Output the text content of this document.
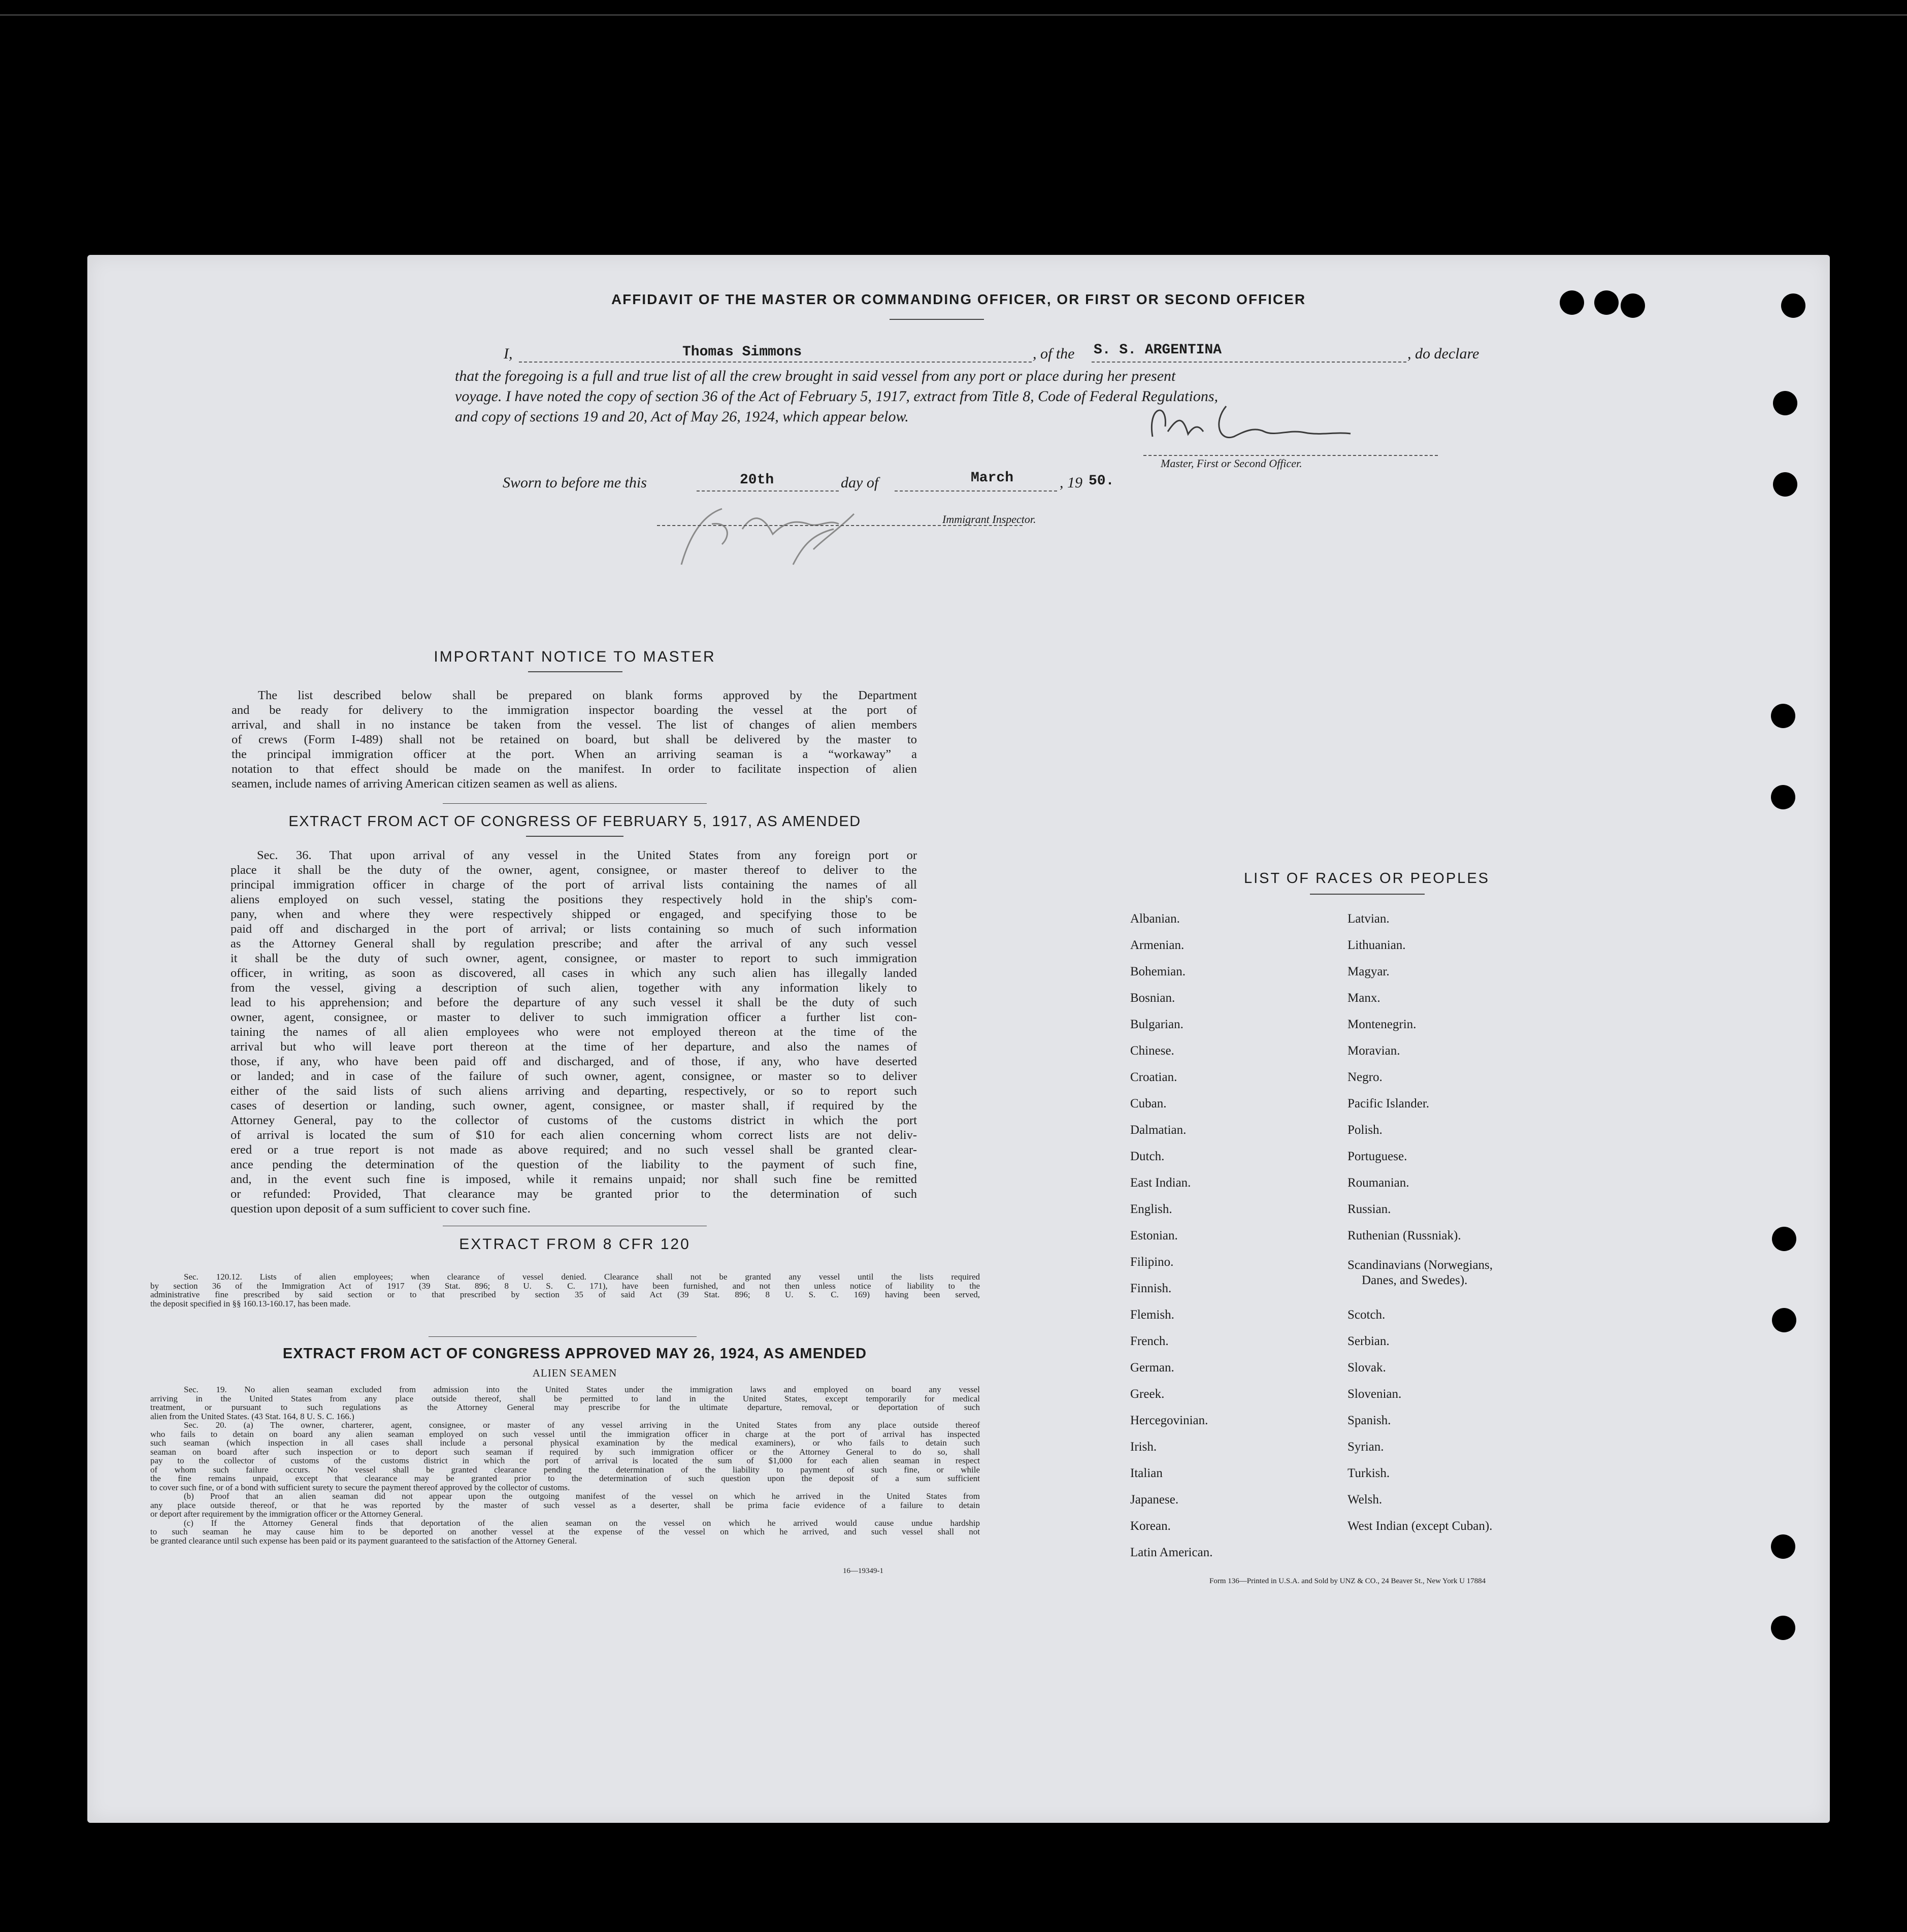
AFFIDAVIT OF THE MASTER OR COMMANDING OFFICER, OR FIRST OR SECOND OFFICER
I,	Thomas Simmons	, of the S. S. ARGENTINA	, do declare
that the foregoing is a full and true list of all the crew brought in said vessel from any port or place during her present
voyage. I have noted the copy of section 36 of the Act of February 5, 1917, extract from Title 8, Code of Federal Regulations,
and copy of sections 19 and 20, Act of May 26, 1924, which appear below.
Master, First or Second Officer.
Sworn to before me this	20th	day of	March	, 19 50.
Immigrant Inspector.
IMPORTANT NOTICE TO MASTER
The list described below shall be prepared on blank forms approved by the Department
and be ready for delivery to the immigration inspector boarding the vessel at the port of
arrival, and shall in no instance be taken from the vessel. The list of changes of alien members
of crews (Form I-489) shall not be retained on board, but shall be delivered by the master to
the principal immigration officer at the port. When an arriving seaman is a “workaway” a
notation to that effect should be made on the manifest. In order to facilitate inspection of alien
seamen, include names of arriving American citizen seamen as well as aliens.
EXTRACT FROM ACT OF CONGRESS OF FEBRUARY 5, 1917, AS AMENDED
Sec. 36. That upon arrival of any vessel in the United States from any foreign port or
place it shall be the duty of the owner, agent, consignee, or master thereof to deliver to the
principal immigration officer in charge of the port of arrival lists containing the names of all
aliens employed on such vessel, stating the positions they respectively hold in the ship's com-
pany, when and where they were respectively shipped or engaged, and specifying those to be
paid off and discharged in the port of arrival; or lists containing so much of such information
as the Attorney General shall by regulation prescribe; and after the arrival of any such vessel
it shall be the duty of such owner, agent, consignee, or master to report to such immigration
officer, in writing, as soon as discovered, all cases in which any such alien has illegally landed
from the vessel, giving a description of such alien, together with any information likely to
lead to his apprehension; and before the departure of any such vessel it shall be the duty of such
owner, agent, consignee, or master to deliver to such immigration officer a further list con-
taining the names of all alien employees who were not employed thereon at the time of the
arrival but who will leave port thereon at the time of her departure, and also the names of
those, if any, who have been paid off and discharged, and of those, if any, who have deserted
or landed; and in case of the failure of such owner, agent, consignee, or master so to deliver
either of the said lists of such aliens arriving and departing, respectively, or so to report such
cases of desertion or landing, such owner, agent, consignee, or master shall, if required by the
Attorney General, pay to the collector of customs of the customs district in which the port
of arrival is located the sum of $10 for each alien concerning whom correct lists are not deliv-
ered or a true report is not made as above required; and no such vessel shall be granted clear-
ance pending the determination of the question of the liability to the payment of such fine,
and, in the event such fine is imposed, while it remains unpaid; nor shall such fine be remitted
or refunded: Provided, That clearance may be granted prior to the determination of such
question upon deposit of a sum sufficient to cover such fine.
EXTRACT FROM 8 CFR 120
Sec. 120.12. Lists of alien employees; when clearance of vessel denied. Clearance shall not be granted any vessel until the lists required
by section 36 of the Immigration Act of 1917 (39 Stat. 896; 8 U. S. C. 171), have been furnished, and not then unless notice of liability to the
administrative fine prescribed by said section or to that prescribed by section 35 of said Act (39 Stat. 896; 8 U. S. C. 169) having been served,
the deposit specified in §§ 160.13-160.17, has been made.
EXTRACT FROM ACT OF CONGRESS APPROVED MAY 26, 1924, AS AMENDED
ALIEN SEAMEN
Sec. 19. No alien seaman excluded from admission into the United States under the immigration laws and employed on board any vessel
arriving in the United States from any place outside thereof, shall be permitted to land in the United States, except temporarily for medical
treatment, or pursuant to such regulations as the Attorney General may prescribe for the ultimate departure, removal, or deportation of such
alien from the United States. (43 Stat. 164, 8 U. S. C. 166.)
Sec. 20. (a) The owner, charterer, agent, consignee, or master of any vessel arriving in the United States from any place outside thereof
who fails to detain on board any alien seaman employed on such vessel until the immigration officer in charge at the port of arrival has inspected
such seaman (which inspection in all cases shall include a personal physical examination by the medical examiners), or who fails to detain such
seaman on board after such inspection or to deport such seaman if required by such immigration officer or the Attorney General to do so, shall
pay to the collector of customs of the customs district in which the port of arrival is located the sum of $1,000 for each alien seaman in respect
of whom such failure occurs. No vessel shall be granted clearance pending the determination of the liability to payment of such fine, or while
the fine remains unpaid, except that clearance may be granted prior to the determination of such question upon the deposit of a sum sufficient
to cover such fine, or of a bond with sufficient surety to secure the payment thereof approved by the collector of customs.
(b) Proof that an alien seaman did not appear upon the outgoing manifest of the vessel on which he arrived in the United States from
any place outside thereof, or that he was reported by the master of such vessel as a deserter, shall be prima facie evidence of a failure to detain
or deport after requirement by the immigration officer or the Attorney General.
(c) If the Attorney General finds that deportation of the alien seaman on the vessel on which he arrived would cause undue hardship
to such seaman he may cause him to be deported on another vessel at the expense of the vessel on which he arrived, and such vessel shall not
be granted clearance until such expense has been paid or its payment guaranteed to the satisfaction of the Attorney General.
16—19349-1
LIST OF RACES OR PEOPLES
Albanian.
Armenian.
Bohemian.
Bosnian.
Bulgarian.
Chinese.
Croatian.
Cuban.
Dalmatian.
Dutch.
East Indian.
English.
Estonian.
Filipino.
Finnish.
Flemish.
French.
German.
Greek.
Hercegovinian.
Irish.
Italian
Japanese.
Korean.
Latin American.
Latvian.
Lithuanian.
Magyar.
Manx.
Montenegrin.
Moravian.
Negro.
Pacific Islander.
Polish.
Portuguese.
Roumanian.
Russian.
Ruthenian (Russniak).
Scandinavians (Norwegians,
Danes, and Swedes).
Scotch.
Serbian.
Slovak.
Slovenian.
Spanish.
Syrian.
Turkish.
Welsh.
West Indian (except Cuban).
Form 136—Printed in U.S.A. and Sold by UNZ & CO., 24 Beaver St., New York U 17884
